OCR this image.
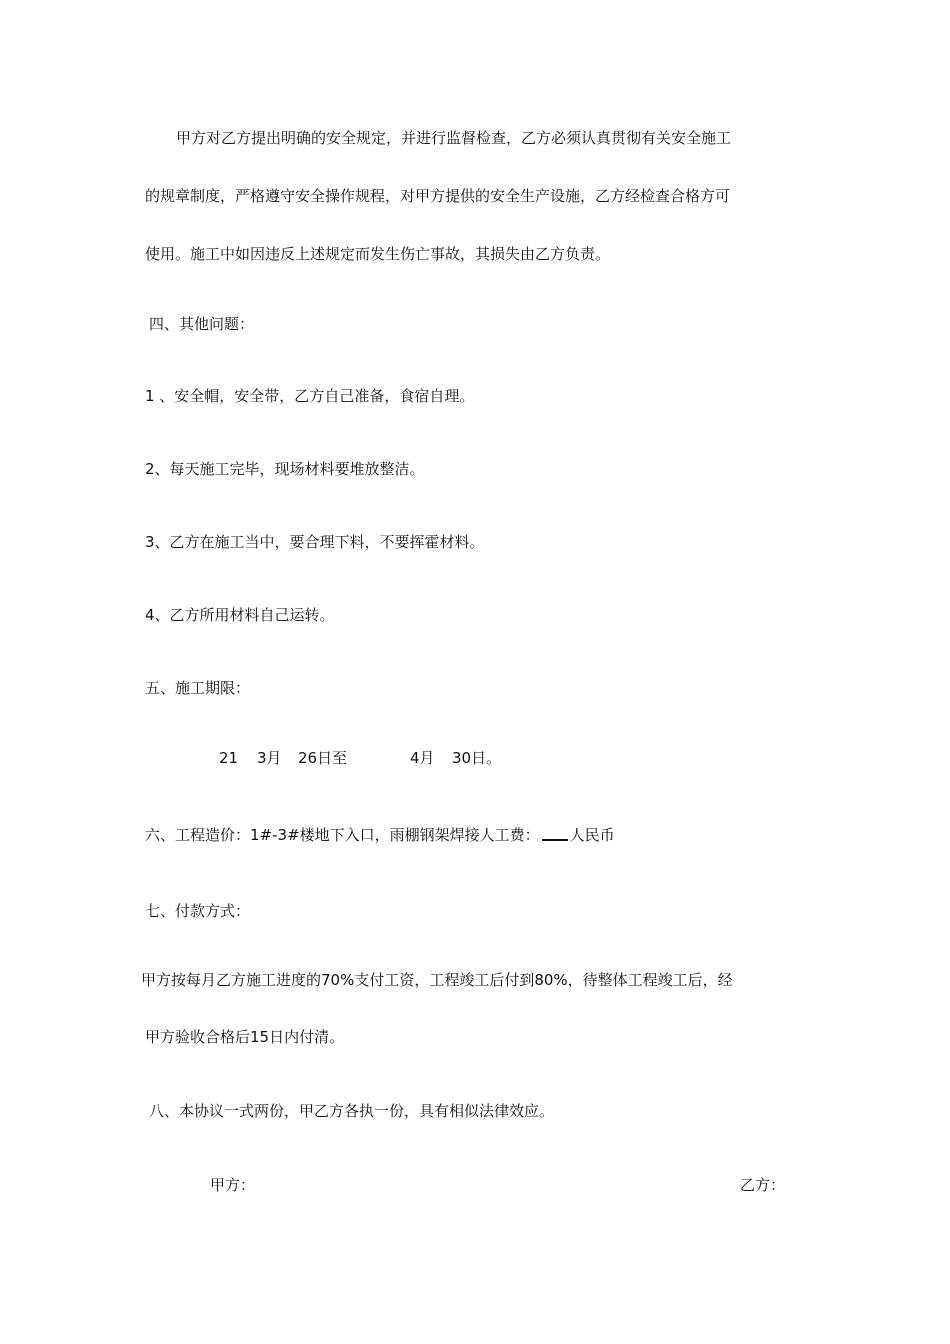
甲方对乙方提出明确的安全规定，并进行监督检查，乙方必须认真贯彻有关安全施工
的规章制度，严格遵守安全操作规程，对甲方提供的安全生产设施，乙方经检查合格方可
使用。施工中如因违反上述规定而发生伤亡事故，其损失由乙方负责。
四、其他问题：
1 、安全帽，安全带，乙方自己准备，食宿自理。
2、每天施工完毕，现场材料要堆放整洁。
3、乙方在施工当中，要合理下料，不要挥霍材料。
4、乙方所用材料自己运转。
五、施工期限：
21 3月 26日至	4月 30日。
六、工程造价：1#-3#楼地下入口，雨棚钢架焊接人工费： 人民币
七、付款方式：
甲方按每月乙方施工进度的70%支付工资，工程竣工后付到80%，待整体工程竣工后，经
甲方验收合格后15日内付清。
八、本协议一式两份，甲乙方各执一份，具有相似法律效应。
甲方：	乙方：
